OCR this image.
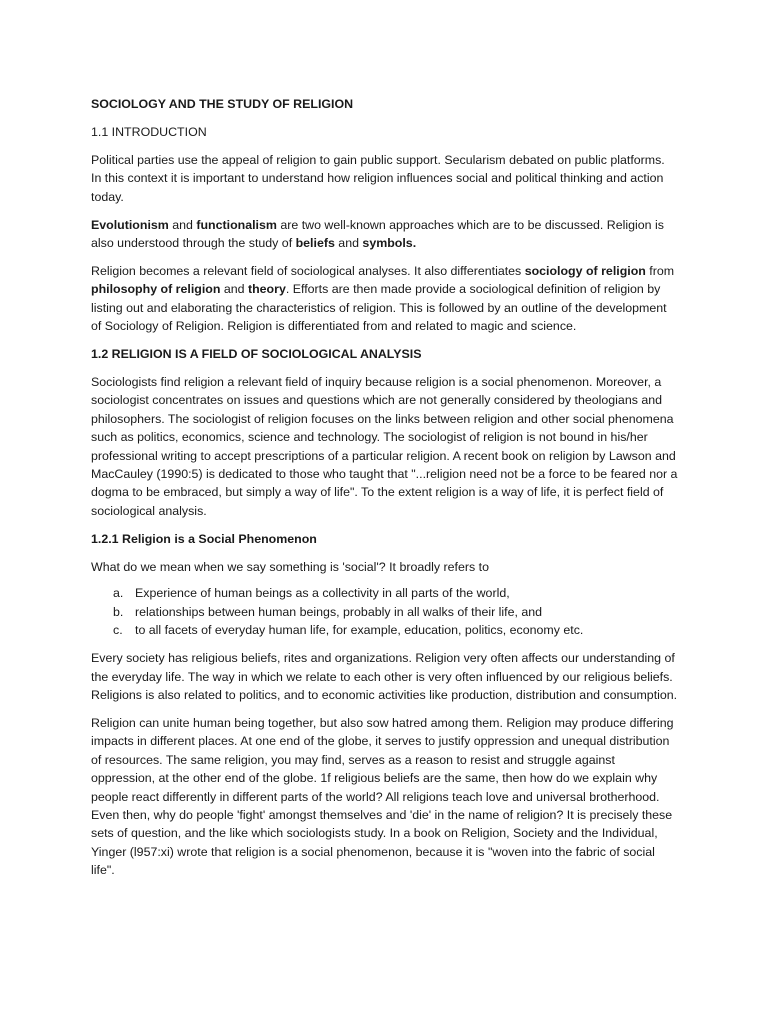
SOCIOLOGY AND THE STUDY OF RELIGION

1.1 INTRODUCTION

Political parties use the appeal of religion to gain public support. Secularism debated on public platforms. In this context it is important to understand how religion influences social and political thinking and action today.

Evolutionism and functionalism are two well-known approaches which are to be discussed. Religion is also understood through the study of beliefs and symbols.

Religion becomes a relevant field of sociological analyses. It also differentiates sociology of religion from philosophy of religion and theory. Efforts are then made provide a sociological definition of religion by listing out and elaborating the characteristics of religion. This is followed by an outline of the development of Sociology of Religion. Religion is differentiated from and related to magic and science.

1.2 RELIGION IS A FIELD OF SOCIOLOGICAL ANALYSIS

Sociologists find religion a relevant field of inquiry because religion is a social phenomenon. Moreover, a sociologist concentrates on issues and questions which are not generally considered by theologians and philosophers. The sociologist of religion focuses on the links between religion and other social phenomena such as politics, economics, science and technology. The sociologist of religion is not bound in his/her professional writing to accept prescriptions of a particular religion. A recent book on religion by Lawson and MacCauley (1990:5) is dedicated to those who taught that "...religion need not be a force to be feared nor a dogma to be embraced, but simply a way of life". To the extent religion is a way of life, it is perfect field of sociological analysis.

1.2.1 Religion is a Social Phenomenon

What do we mean when we say something is 'social'? It broadly refers to

a. Experience of human beings as a collectivity in all parts of the world,
b. relationships between human beings, probably in all walks of their life, and
c. to all facets of everyday human life, for example, education, politics, economy etc.

Every society has religious beliefs, rites and organizations. Religion very often affects our understanding of the everyday life. The way in which we relate to each other is very often influenced by our religious beliefs. Religions is also related to politics, and to economic activities like production, distribution and consumption.

Religion can unite human being together, but also sow hatred among them. Religion may produce differing impacts in different places. At one end of the globe, it serves to justify oppression and unequal distribution of resources. The same religion, you may find, serves as a reason to resist and struggle against oppression, at the other end of the globe. 1f religious beliefs are the same, then how do we explain why people react differently in different parts of the world? All religions teach love and universal brotherhood. Even then, why do people 'fight' amongst themselves and 'die' in the name of religion? It is precisely these sets of question, and the like which sociologists study. In a book on Religion, Society and the Individual, Yinger (l957:xi) wrote that religion is a social phenomenon, because it is "woven into the fabric of social life".
